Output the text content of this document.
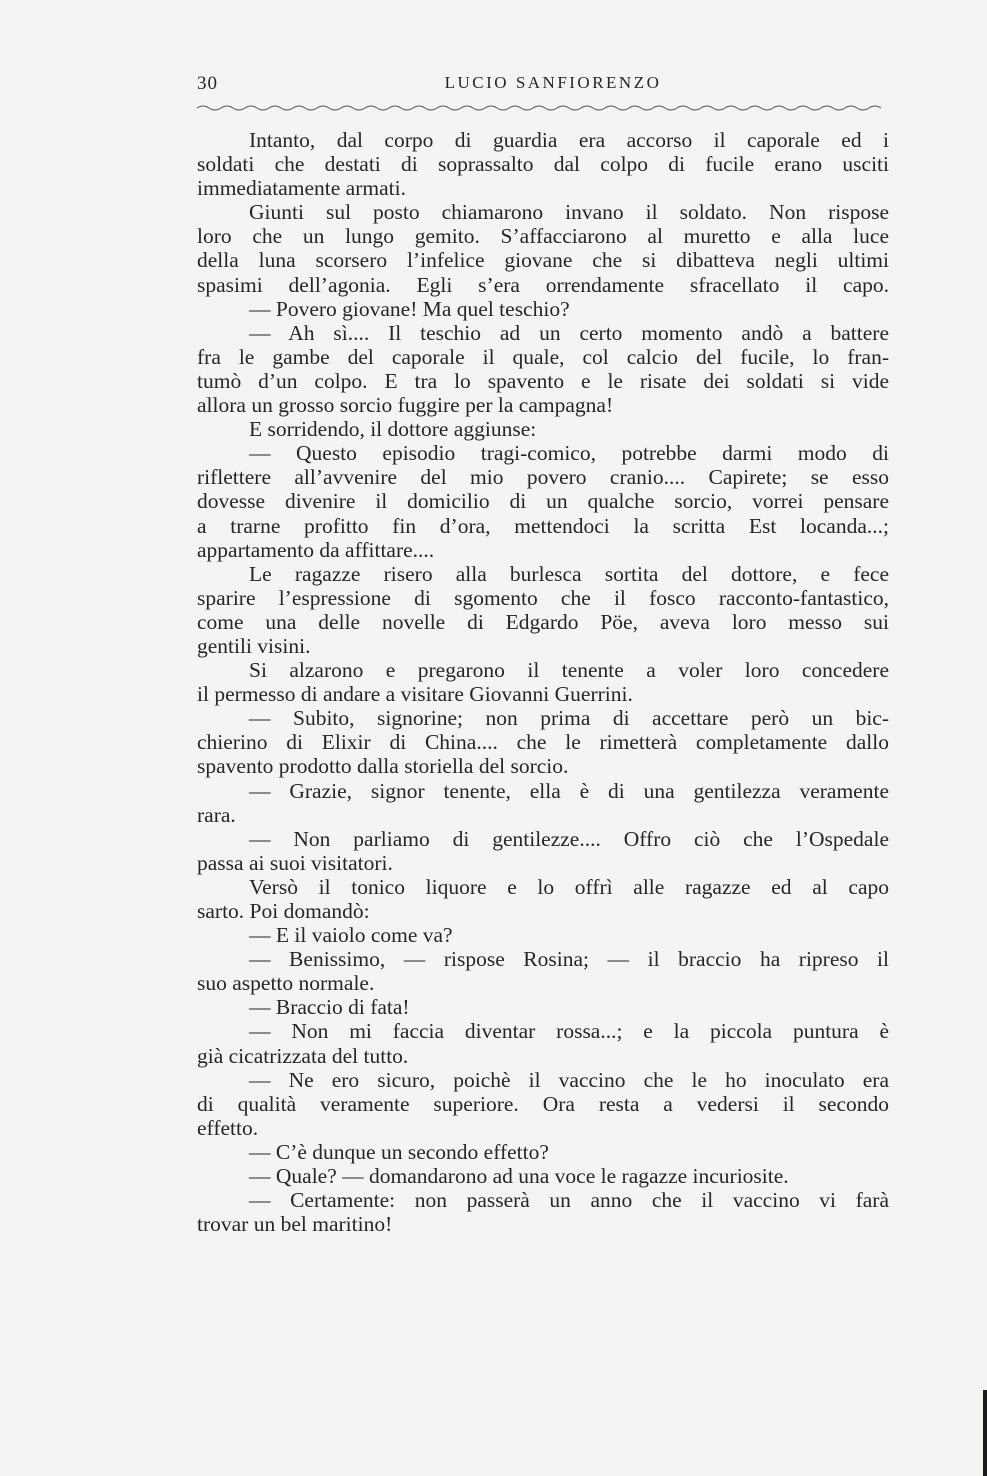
30	LUCIO SANFIORENZO
Intanto, dal corpo di guardia era accorso il caporale ed i
soldati che destati di soprassalto dal colpo di fucile erano usciti
immediatamente armati.
Giunti sul posto chiamarono invano il soldato. Non rispose
loro che un lungo gemito. S’affacciarono al muretto e alla luce
della luna scorsero l’infelice giovane che si dibatteva negli ultimi
spasimi dell’agonia. Egli s’era orrendamente sfracellato il capo.
— Povero giovane! Ma quel teschio?
— Ah sì.... Il teschio ad un certo momento andò a battere
fra le gambe del caporale il quale, col calcio del fucile, lo fran-
tumò d’un colpo. E tra lo spavento e le risate dei soldati si vide
allora un grosso sorcio fuggire per la campagna!
E sorridendo, il dottore aggiunse:
— Questo episodio tragi-comico, potrebbe darmi modo di
riflettere all’avvenire del mio povero cranio.... Capirete; se esso
dovesse divenire il domicilio di un qualche sorcio, vorrei pensare
a trarne profitto fin d’ora, mettendoci la scritta Est locanda...;
appartamento da affittare....
Le ragazze risero alla burlesca sortita del dottore, e fece
sparire l’espressione di sgomento che il fosco racconto-fantastico,
come una delle novelle di Edgardo Pöe, aveva loro messo sui
gentili visini.
Si alzarono e pregarono il tenente a voler loro concedere
il permesso di andare a visitare Giovanni Guerrini.
— Subito, signorine; non prima di accettare però un bic-
chierino di Elixir di China.... che le rimetterà completamente dallo
spavento prodotto dalla storiella del sorcio.
— Grazie, signor tenente, ella è di una gentilezza veramente
rara.
— Non parliamo di gentilezze.... Offro ciò che l’Ospedale
passa ai suoi visitatori.
Versò il tonico liquore e lo offrì alle ragazze ed al capo
sarto. Poi domandò:
— E il vaiolo come va?
— Benissimo, — rispose Rosina; — il braccio ha ripreso il
suo aspetto normale.
— Braccio di fata!
— Non mi faccia diventar rossa...; e la piccola puntura è
già cicatrizzata del tutto.
— Ne ero sicuro, poichè il vaccino che le ho inoculato era
di qualità veramente superiore. Ora resta a vedersi il secondo
effetto.
— C’è dunque un secondo effetto?
— Quale? — domandarono ad una voce le ragazze incuriosite.
— Certamente: non passerà un anno che il vaccino vi farà
trovar un bel maritino!
